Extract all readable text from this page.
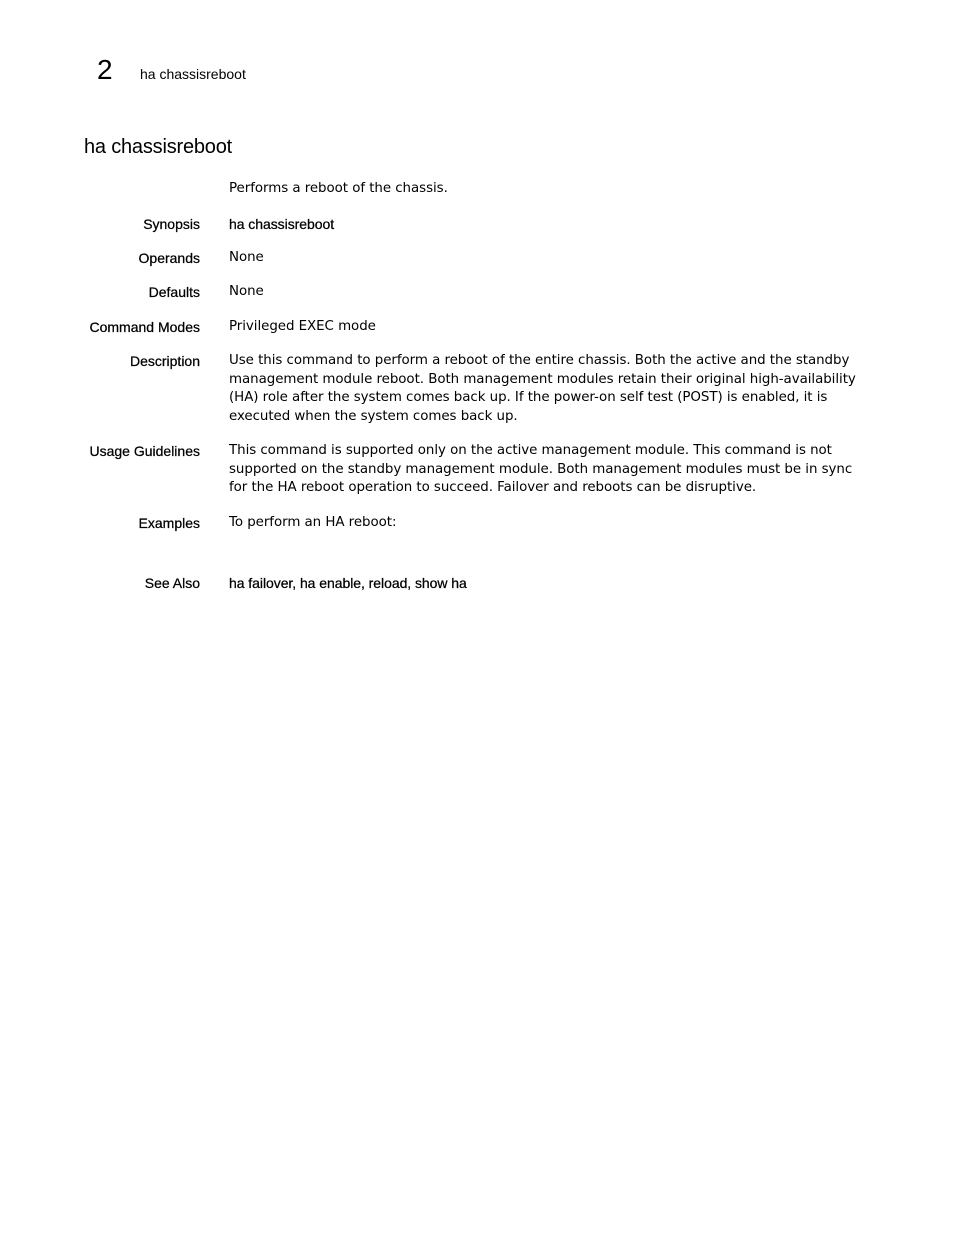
2 ha chassisreboot
ha chassisreboot
Performs a reboot of the chassis.
Synopsis ha chassisreboot
Operands None
Defaults None
Command Modes Privileged EXEC mode
Description Use this command to perform a reboot of the entire chassis. Both the active and the standby management module reboot. Both management modules retain their original high-availability (HA) role after the system comes back up. If the power-on self test (POST) is enabled, it is executed when the system comes back up.
Usage Guidelines This command is supported only on the active management module. This command is not supported on the standby management module. Both management modules must be in sync for the HA reboot operation to succeed. Failover and reboots can be disruptive.
Examples To perform an HA reboot:
See Also ha failover, ha enable, reload, show ha
